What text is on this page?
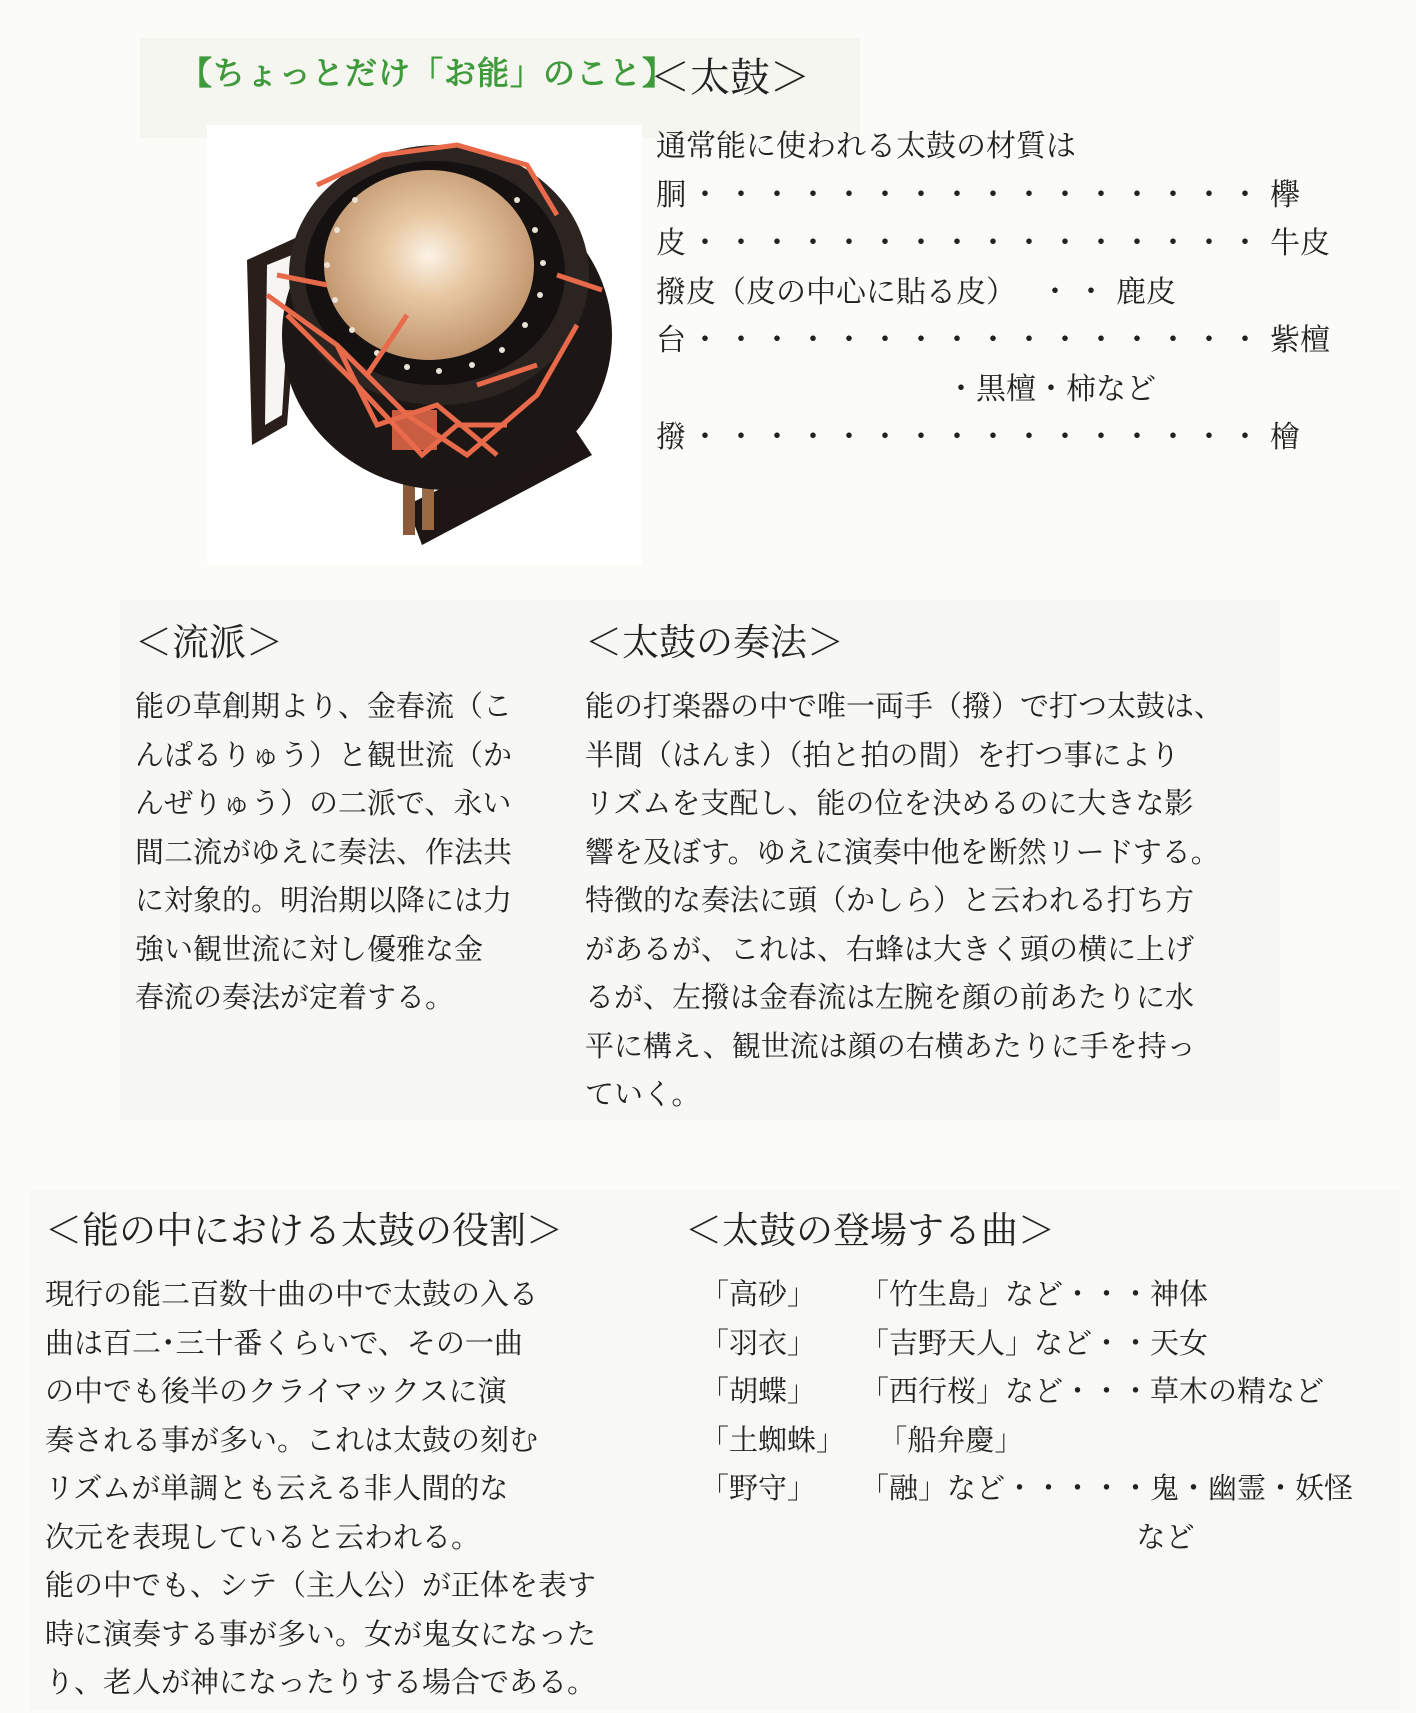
【ちょっとだけ「お能」のこと】
＜太鼓＞
通常能に使われる太鼓の材質は
胴 ・・・・・・・・・・・・・・・・ 欅
皮 ・・・・・・・・・・・・・・・・ 牛皮
撥皮（皮の中心に貼る皮） ・・ 鹿皮
台 ・・・・・・・・・・・・・・・・ 紫檀
・黒檀・柿など
撥 ・・・・・・・・・・・・・・・・ 檜
＜流派＞
能の草創期より、金春流（こ
んぱるりゅう）と観世流（か
んぜりゅう）の二派で、永い
間二流がゆえに奏法、作法共
に対象的。明治期以降には力
強い観世流に対し優雅な金
春流の奏法が定着する。
＜太鼓の奏法＞
能の打楽器の中で唯一両手（撥）で打つ太鼓は、
半間（はんま）（拍と拍の間）を打つ事により
リズムを支配し、能の位を決めるのに大きな影
響を及ぼす。ゆえに演奏中他を断然リードする。
特徴的な奏法に頭（かしら）と云われる打ち方
があるが、これは、右蜂は大きく頭の横に上げ
るが、左撥は金春流は左腕を顔の前あたりに水
平に構え、観世流は顔の右横あたりに手を持っ
ていく。
＜能の中における太鼓の役割＞
現行の能二百数十曲の中で太鼓の入る
曲は百二･三十番くらいで、その一曲
の中でも後半のクライマックスに演
奏される事が多い。これは太鼓の刻む
リズムが単調とも云える非人間的な
次元を表現していると云われる。
能の中でも、シテ（主人公）が正体を表す
時に演奏する事が多い。女が鬼女になった
り、老人が神になったりする場合である。
＜太鼓の登場する曲＞
「高砂」	「竹生島」など・・・神体
「羽衣」	「吉野天人」など・・天女
「胡蝶」	「西行桜」など・・・草木の精など
「土蜘蛛」 「船弁慶」
「野守」	「融」など・・・・・鬼・幽霊・妖怪
など
